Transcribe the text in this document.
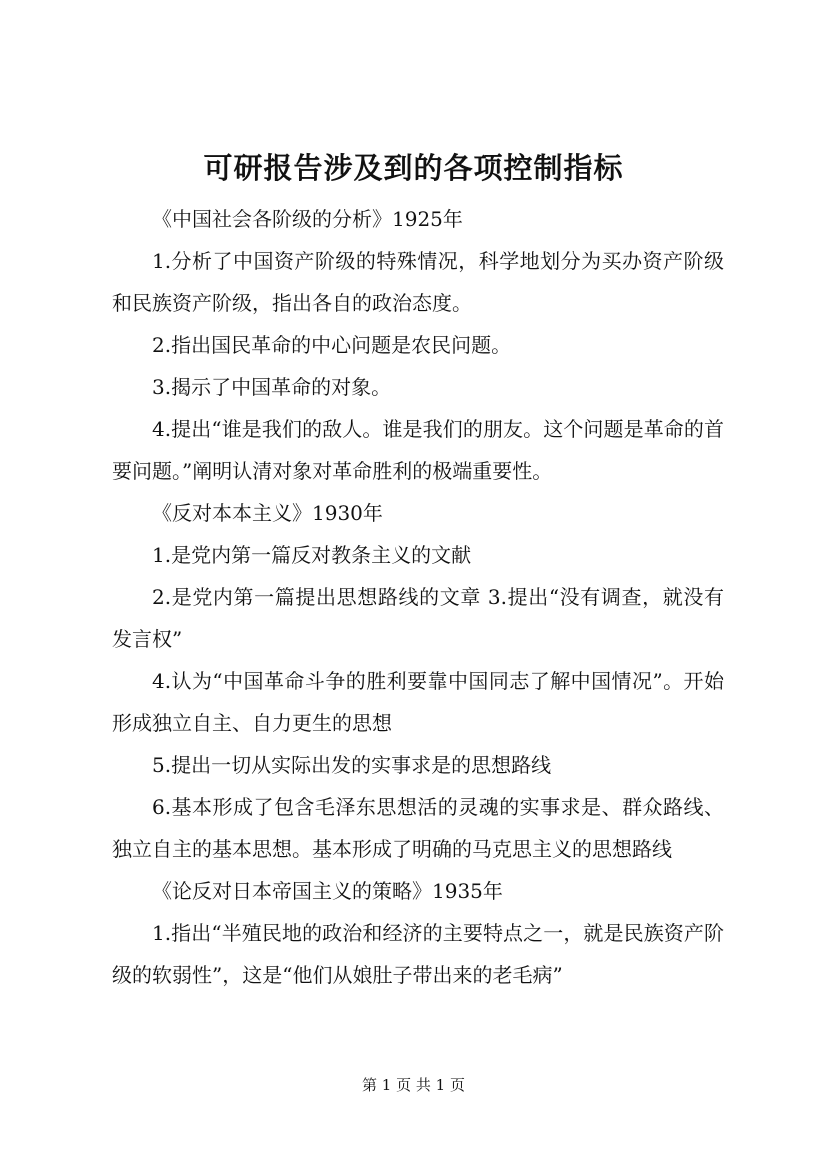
可研报告涉及到的各项控制指标

《中国社会各阶级的分析》1925年

1.分析了中国资产阶级的特殊情况，科学地划分为买办资产阶级和民族资产阶级，指出各自的政治态度。

2.指出国民革命的中心问题是农民问题。

3.揭示了中国革命的对象。

4.提出“谁是我们的敌人。谁是我们的朋友。这个问题是革命的首要问题。”阐明认清对象对革命胜利的极端重要性。

《反对本本主义》1930年

1.是党内第一篇反对教条主义的文献

2.是党内第一篇提出思想路线的文章 3.提出“没有调查，就没有发言权”

4.认为“中国革命斗争的胜利要靠中国同志了解中国情况”。开始形成独立自主、自力更生的思想

5.提出一切从实际出发的实事求是的思想路线

6.基本形成了包含毛泽东思想活的灵魂的实事求是、群众路线、独立自主的基本思想。基本形成了明确的马克思主义的思想路线

《论反对日本帝国主义的策略》1935年

1.指出“半殖民地的政治和经济的主要特点之一，就是民族资产阶级的软弱性”，这是“他们从娘肚子带出来的老毛病”

第 1 页 共 1 页
